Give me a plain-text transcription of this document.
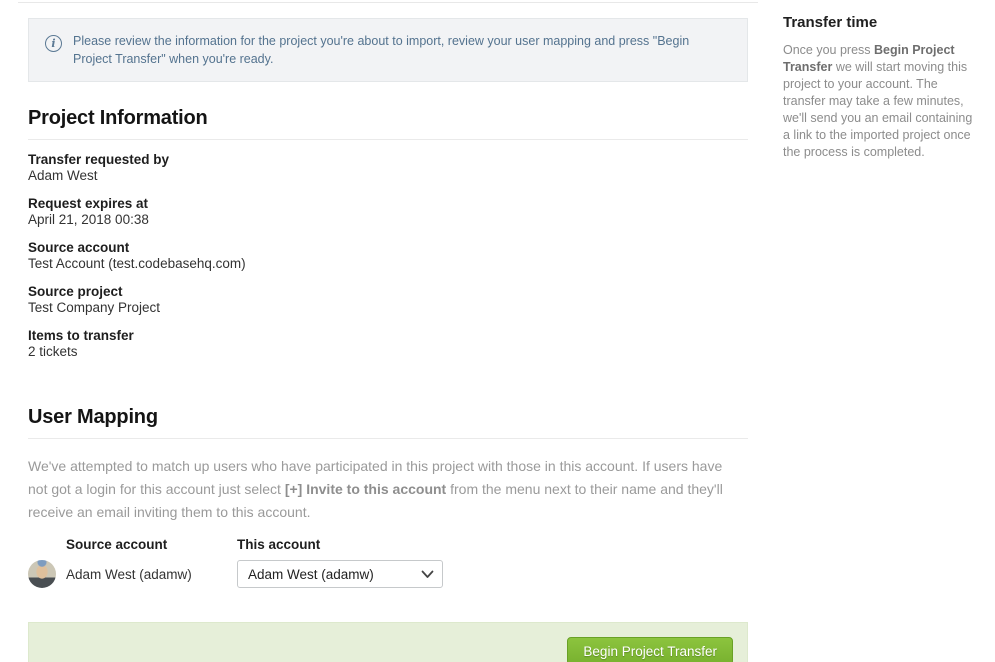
i	Please review the information for the project you're about to import, review your user mapping and press "Begin Project Transfer" when you're ready.

Project Information
Transfer requested by
Adam West
Request expires at
April 21, 2018 00:38
Source account
Test Account (test.codebasehq.com)
Source project
Test Company Project
Items to transfer
2 tickets
User Mapping

We've attempted to match up users who have participated in this project with those in this account. If users have not got a login for this account just select [+] Invite to this account from the menu next to their name and they'll receive an email inviting them to this account.

Source account	This account
Adam West (adamw)
Adam West (adamw)
Begin Project Transfer
Transfer time

Once you press Begin Project Transfer we will start moving this project to your account. The transfer may take a few minutes, we'll send you an email containing a link to the imported project once the process is completed.
